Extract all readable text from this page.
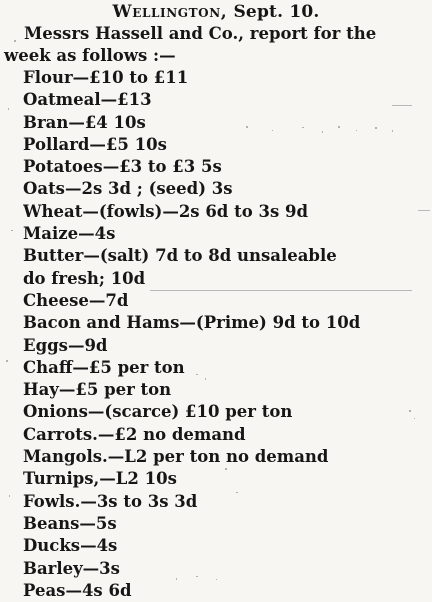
Wellington, Sept. 10.
Messrs Hassell and Co., report for the
week as follows :—
Flour—£10 to £11
Oatmeal—£13
Bran—£4 10s
Pollard—£5 10s
Potatoes—£3 to £3 5s
Oats—2s 3d ; (seed) 3s
Wheat—(fowls)—2s 6d to 3s 9d
Maize—4s
Butter—(salt) 7d to 8d unsaleable
do fresh; 10d
Cheese—7d
Bacon and Hams—(Prime) 9d to 10d
Eggs—9d
Chaff—£5 per ton
Hay—£5 per ton
Onions—(scarce) £10 per ton
Carrots.—£2 no demand
Mangols.—L2 per ton no demand
Turnips,—L2 10s
Fowls.—3s to 3s 3d
Beans—5s
Ducks—4s
Barley—3s
Peas—4s 6d
